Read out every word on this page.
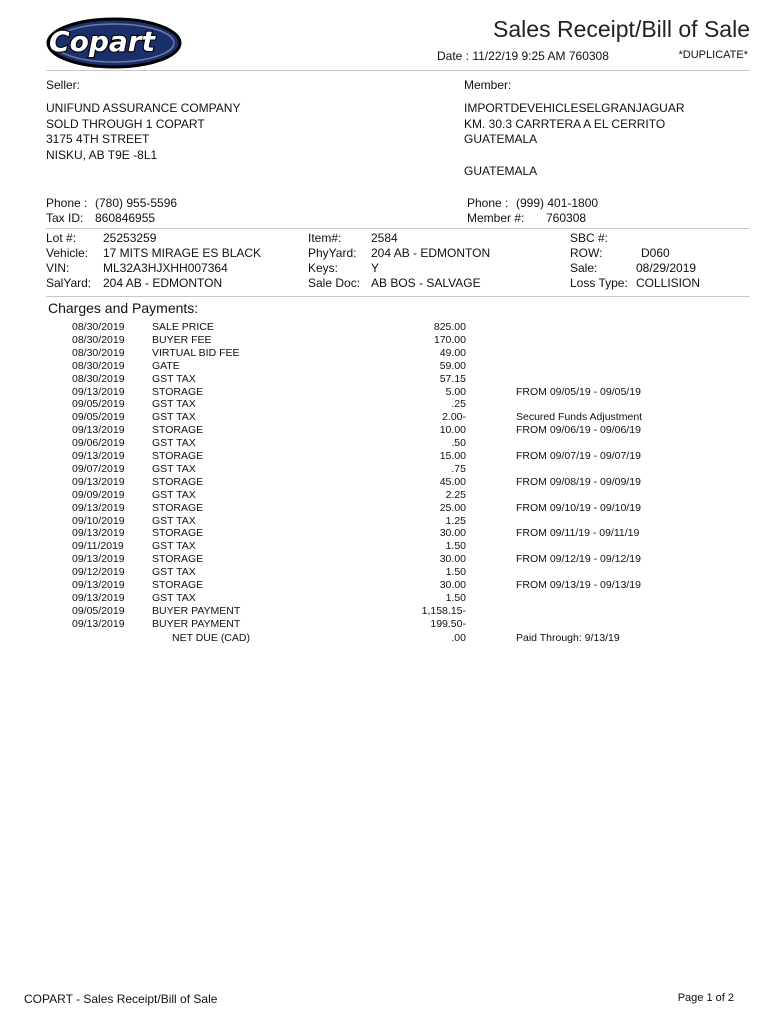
Copart	Sales Receipt/Bill of Sale
Date : 11/22/19 9:25 AM 760308	*DUPLICATE*
Seller:
UNIFUND ASSURANCE COMPANY
SOLD THROUGH 1 COPART
3175 4TH STREET
NISKU, AB T9E -8L1
Member:
IMPORTDEVEHICLESELGRANJAGUAR
KM. 30.3 CARRTERA A EL CERRITO
GUATEMALA
GUATEMALA
Phone : (780) 955-5596
Tax ID: 860846955
Phone : (999) 401-1800
Member #: 760308
Lot #: 25253259
Vehicle: 17 MITS MIRAGE ES BLACK
VIN:	ML32A3HJXHH007364
SalYard: 204 AB - EDMONTON
Item#: 2584
PhyYard: 204 AB - EDMONTON
Keys:	Y
Sale Doc: AB BOS - SALVAGE
SBC #:
ROW:	D060
Sale:	08/29/2019
Loss Type: COLLISION
Charges and Payments:
08/30/2019	SALE PRICE	825.00
08/30/2019	BUYER FEE	170.00
08/30/2019	VIRTUAL BID FEE	49.00
08/30/2019	GATE	59.00
08/30/2019	GST TAX	57.15
09/13/2019	STORAGE	5.00	FROM 09/05/19 - 09/05/19
09/05/2019	GST TAX	.25
09/05/2019	GST TAX	2.00-	Secured Funds Adjustment
09/13/2019	STORAGE	10.00	FROM 09/06/19 - 09/06/19
09/06/2019	GST TAX	.50
09/13/2019	STORAGE	15.00	FROM 09/07/19 - 09/07/19
09/07/2019	GST TAX	.75
09/13/2019	STORAGE	45.00	FROM 09/08/19 - 09/09/19
09/09/2019	GST TAX	2.25
09/13/2019	STORAGE	25.00	FROM 09/10/19 - 09/10/19
09/10/2019	GST TAX	1.25
09/13/2019	STORAGE	30.00	FROM 09/11/19 - 09/11/19
09/11/2019	GST TAX	1.50
09/13/2019	STORAGE	30.00	FROM 09/12/19 - 09/12/19
09/12/2019	GST TAX	1.50
09/13/2019	STORAGE	30.00	FROM 09/13/19 - 09/13/19
09/13/2019	GST TAX	1.50
09/05/2019	BUYER PAYMENT	1,158.15-
09/13/2019	BUYER PAYMENT	199.50-
NET DUE (CAD)	.00	Paid Through: 9/13/19
COPART - Sales Receipt/Bill of Sale	Page 1 of 2
